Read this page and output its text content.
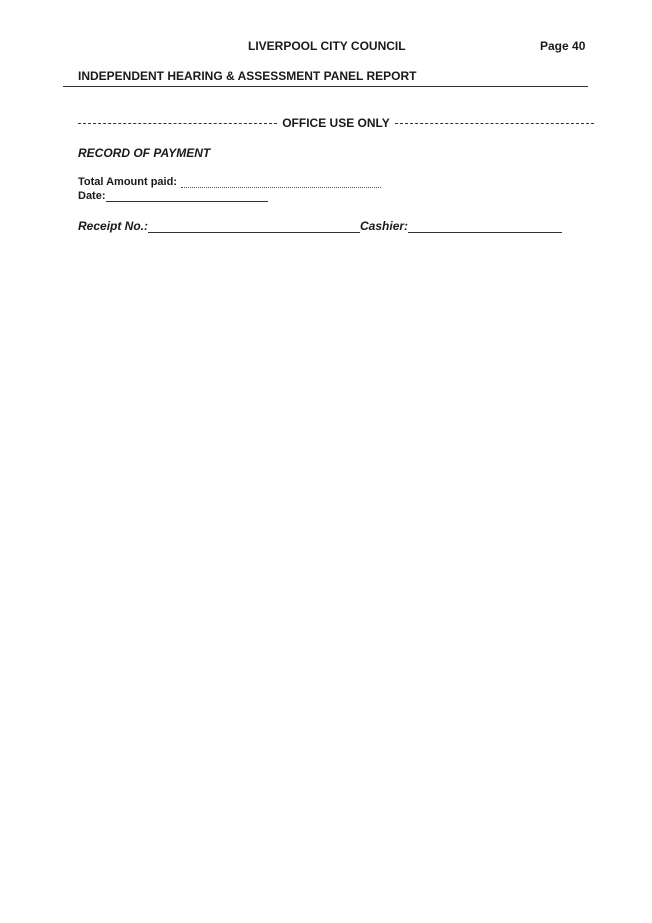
LIVERPOOL CITY COUNCIL	Page 40
INDEPENDENT HEARING & ASSESSMENT PANEL REPORT
OFFICE USE ONLY
RECORD OF PAYMENT
Total Amount paid:
Date:
Receipt No.:	Cashier:
